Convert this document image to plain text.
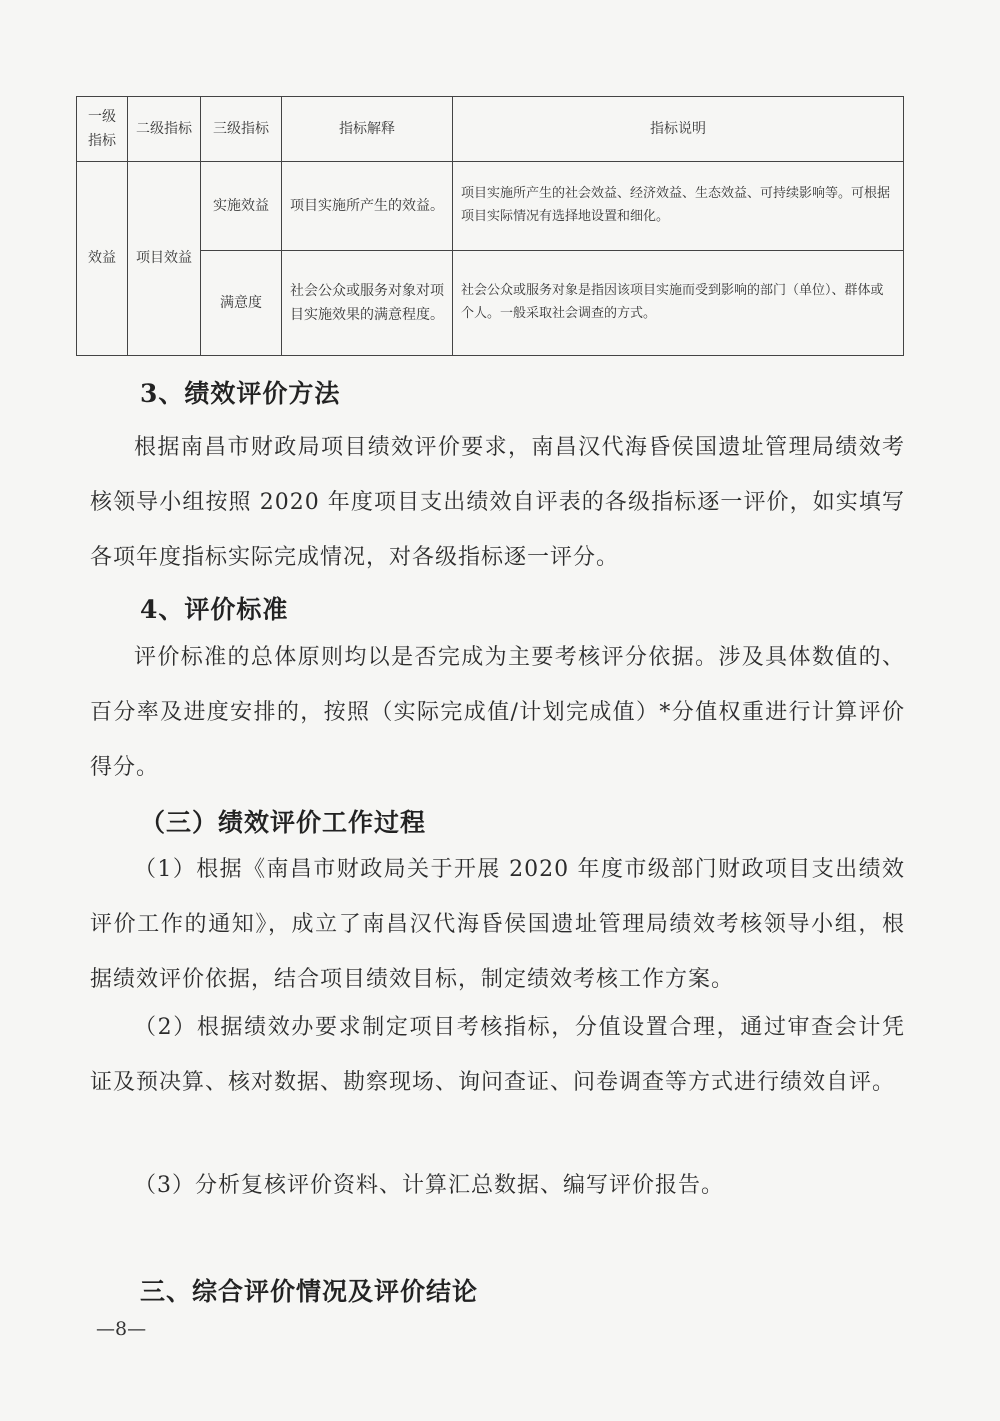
一级指标	二级指标	三级指标	指标解释	指标说明
效益	项目效益	实施效益	项目实施所产生的效益。	项目实施所产生的社会效益、经济效益、生态效益、可持续影响等。可根据项目实际情况有选择地设置和细化。
		满意度	社会公众或服务对象对项目实施效果的满意程度。	社会公众或服务对象是指因该项目实施而受到影响的部门（单位）、群体或个人。一般采取社会调查的方式。
3、绩效评价方法
根据南昌市财政局项目绩效评价要求，南昌汉代海昏侯国遗址管理局绩效考核领导小组按照 2020 年度项目支出绩效自评表的各级指标逐一评价，如实填写各项年度指标实际完成情况，对各级指标逐一评分。
4、评价标准
评价标准的总体原则均以是否完成为主要考核评分依据。涉及具体数值的、百分率及进度安排的，按照（实际完成值/计划完成值）*分值权重进行计算评价得分。
（三）绩效评价工作过程
（1）根据《南昌市财政局关于开展 2020 年度市级部门财政项目支出绩效评价工作的通知》，成立了南昌汉代海昏侯国遗址管理局绩效考核领导小组，根据绩效评价依据，结合项目绩效目标，制定绩效考核工作方案。
（2）根据绩效办要求制定项目考核指标，分值设置合理，通过审查会计凭证及预决算、核对数据、勘察现场、询问查证、问卷调查等方式进行绩效自评。
（3）分析复核评价资料、计算汇总数据、编写评价报告。
三、综合评价情况及评价结论
—8—
